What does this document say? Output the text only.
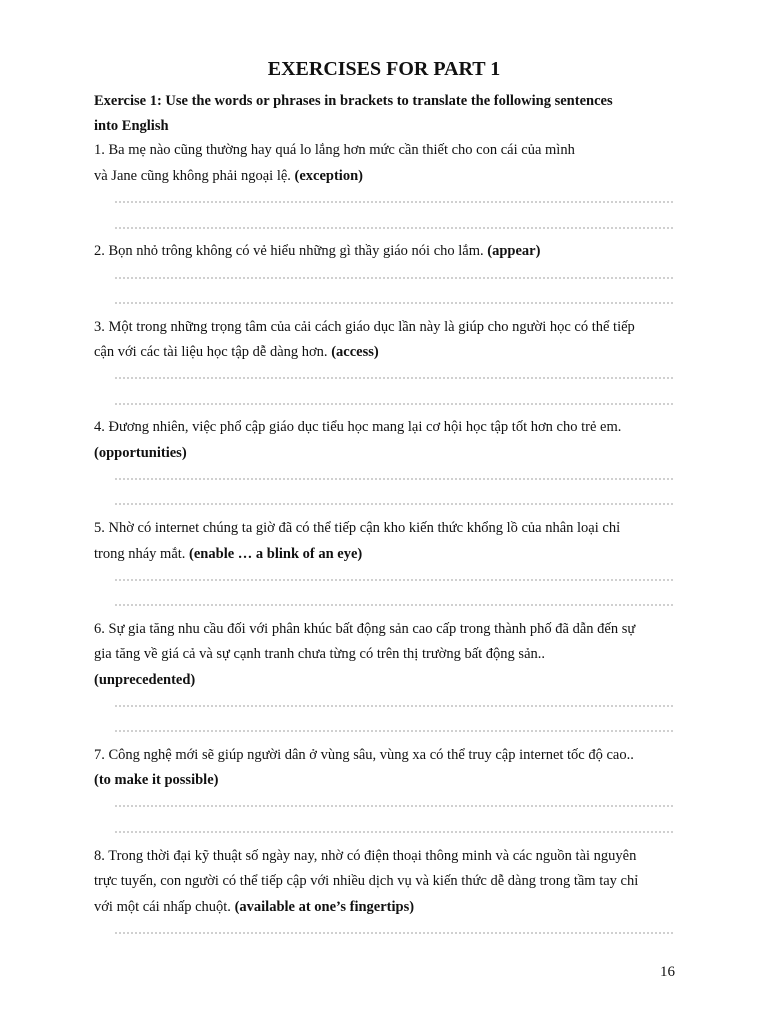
EXERCISES FOR PART 1
Exercise 1: Use the words or phrases in brackets to translate the following sentences
into English
1. Ba mẹ nào cũng thường hay quá lo lắng hơn mức cần thiết cho con cái của mình
và Jane cũng không phải ngoại lệ. (exception)
2. Bọn nhỏ trông không có vẻ hiểu những gì thầy giáo nói cho lắm. (appear)
3. Một trong những trọng tâm của cải cách giáo dục lần này là giúp cho người học có thể tiếp
cận với các tài liệu học tập dễ dàng hơn. (access)
4. Đương nhiên, việc phổ cập giáo dục tiểu học mang lại cơ hội học tập tốt hơn cho trẻ em.
(opportunities)
5. Nhờ có internet chúng ta giờ đã có thể tiếp cận kho kiến thức khổng lồ của nhân loại chỉ
trong nháy mắt. (enable … a blink of an eye)
6. Sự gia tăng nhu cầu đối với phân khúc bất động sản cao cấp trong thành phố đã dẫn đến sự
gia tăng về giá cả và sự cạnh tranh chưa từng có trên thị trường bất động sản..
(unprecedented)
7. Công nghệ mới sẽ giúp người dân ở vùng sâu, vùng xa có thể truy cập internet tốc độ cao..
(to make it possible)
8. Trong thời đại kỹ thuật số ngày nay, nhờ có điện thoại thông minh và các nguồn tài nguyên
trực tuyến, con người có thể tiếp cập với nhiều dịch vụ và kiến thức dễ dàng trong tầm tay chỉ
với một cái nhấp chuột. (available at one’s fingertips)
16
